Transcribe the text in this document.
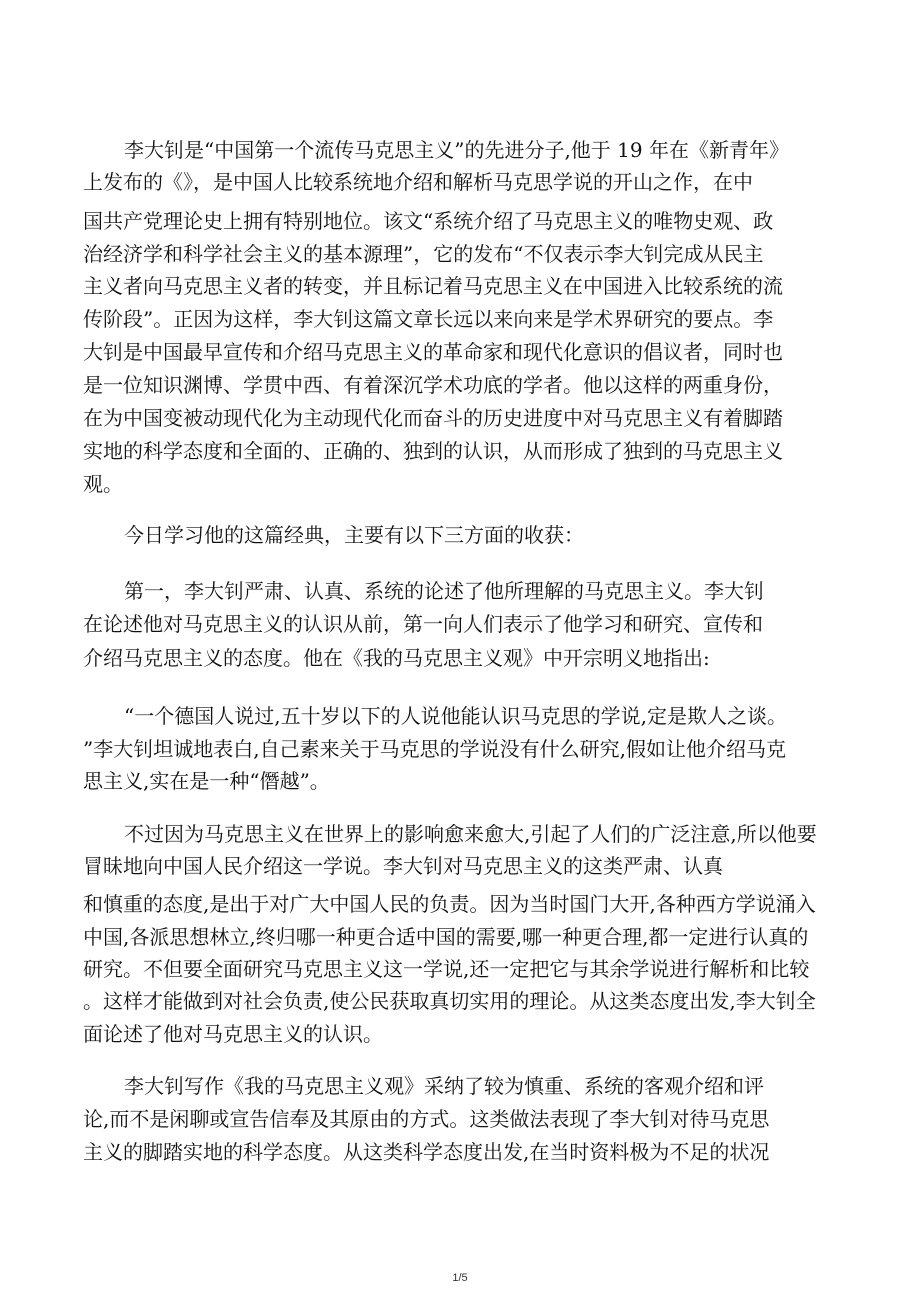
李大钊是“中国第一个流传马克思主义”的先进分子,他于 19 年在《新青年》
上发布的《》，是中国人比较系统地介绍和解析马克思学说的开山之作，在中
国共产党理论史上拥有特别地位。该文“系统介绍了马克思主义的唯物史观、政
治经济学和科学社会主义的基本源理”，它的发布“不仅表示李大钊完成从民主
主义者向马克思主义者的转变，并且标记着马克思主义在中国进入比较系统的流
传阶段”。正因为这样，李大钊这篇文章长远以来向来是学术界研究的要点。李
大钊是中国最早宣传和介绍马克思主义的革命家和现代化意识的倡议者，同时也
是一位知识渊博、学贯中西、有着深沉学术功底的学者。他以这样的两重身份，
在为中国变被动现代化为主动现代化而奋斗的历史进度中对马克思主义有着脚踏
实地的科学态度和全面的、正确的、独到的认识，从而形成了独到的马克思主义
观。
今日学习他的这篇经典，主要有以下三方面的收获：
第一，李大钊严肃、认真、系统的论述了他所理解的马克思主义。李大钊
在论述他对马克思主义的认识从前，第一向人们表示了他学习和研究、宣传和
介绍马克思主义的态度。他在《我的马克思主义观》中开宗明义地指出:
“一个德国人说过,五十岁以下的人说他能认识马克思的学说,定是欺人之谈。
”李大钊坦诚地表白,自己素来关于马克思的学说没有什么研究,假如让他介绍马克
思主义,实在是一种“僭越”。
不过因为马克思主义在世界上的影响愈来愈大,引起了人们的广泛注意,所以他要
冒昧地向中国人民介绍这一学说。李大钊对马克思主义的这类严肃、认真
和慎重的态度,是出于对广大中国人民的负责。因为当时国门大开,各种西方学说涌入
中国,各派思想林立,终归哪一种更合适中国的需要,哪一种更合理,都一定进行认真的
研究。不但要全面研究马克思主义这一学说,还一定把它与其余学说进行解析和比较
。这样才能做到对社会负责,使公民获取真切实用的理论。从这类态度出发,李大钊全
面论述了他对马克思主义的认识。
李大钊写作《我的马克思主义观》采纳了较为慎重、系统的客观介绍和评
论,而不是闲聊或宣告信奉及其原由的方式。这类做法表现了李大钊对待马克思
主义的脚踏实地的科学态度。从这类科学态度出发,在当时资料极为不足的状况
1/5
